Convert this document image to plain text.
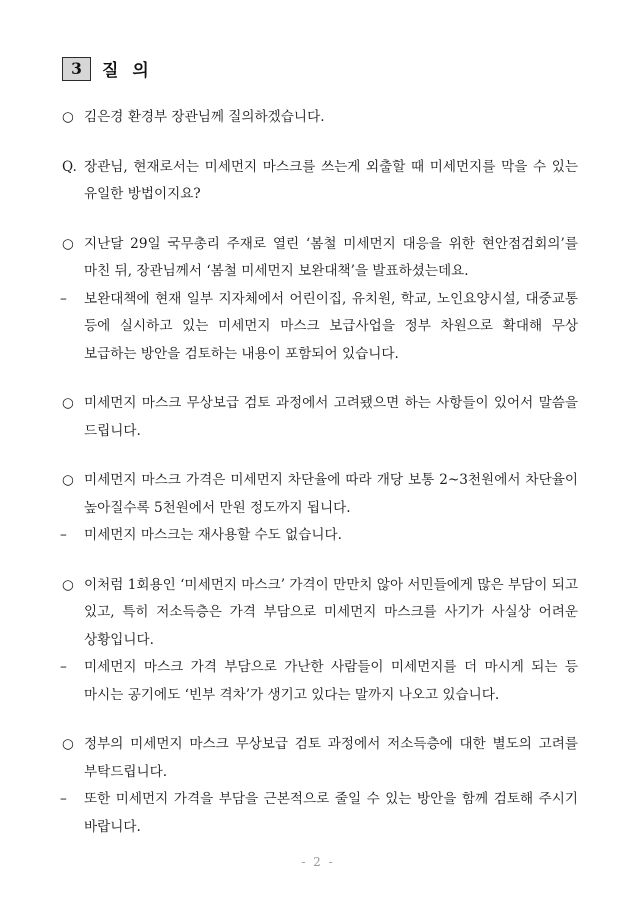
3	질 의
○ 김은경 환경부 장관님께 질의하겠습니다.
Q. 장관님, 현재로서는 미세먼지 마스크를 쓰는게 외출할 때 미세먼지를 막을 수 있는 유일한 방법이지요?
○ 지난달 29일 국무총리 주재로 열린 ‘봄철 미세먼지 대응을 위한 현안점검회의’를 마친 뒤, 장관님께서 ‘봄철 미세먼지 보완대책’을 발표하셨는데요.
–	보완대책에 현재 일부 지자체에서 어린이집, 유치원, 학교, 노인요양시설, 대중교통 등에 실시하고 있는 미세먼지 마스크 보급사업을 정부 차원으로 확대해 무상 보급하는 방안을 검토하는 내용이 포함되어 있습니다.
○ 미세먼지 마스크 무상보급 검토 과정에서 고려됐으면 하는 사항들이 있어서 말씀을 드립니다.
○ 미세먼지 마스크 가격은 미세먼지 차단율에 따라 개당 보통 2~3천원에서 차단율이 높아질수록 5천원에서 만원 정도까지 됩니다.
–	미세먼지 마스크는 재사용할 수도 없습니다.
○ 이처럼 1회용인 ‘미세먼지 마스크’ 가격이 만만치 않아 서민들에게 많은 부담이 되고 있고, 특히 저소득층은 가격 부담으로 미세먼지 마스크를 사기가 사실상 어려운 상황입니다.
–	미세먼지 마스크 가격 부담으로 가난한 사람들이 미세먼지를 더 마시게 되는 등 마시는 공기에도 ‘빈부 격차’가 생기고 있다는 말까지 나오고 있습니다.
○ 정부의 미세먼지 마스크 무상보급 검토 과정에서 저소득층에 대한 별도의 고려를 부탁드립니다.
–	또한 미세먼지 가격을 부담을 근본적으로 줄일 수 있는 방안을 함께 검토해 주시기 바랍니다.
- 2 -
